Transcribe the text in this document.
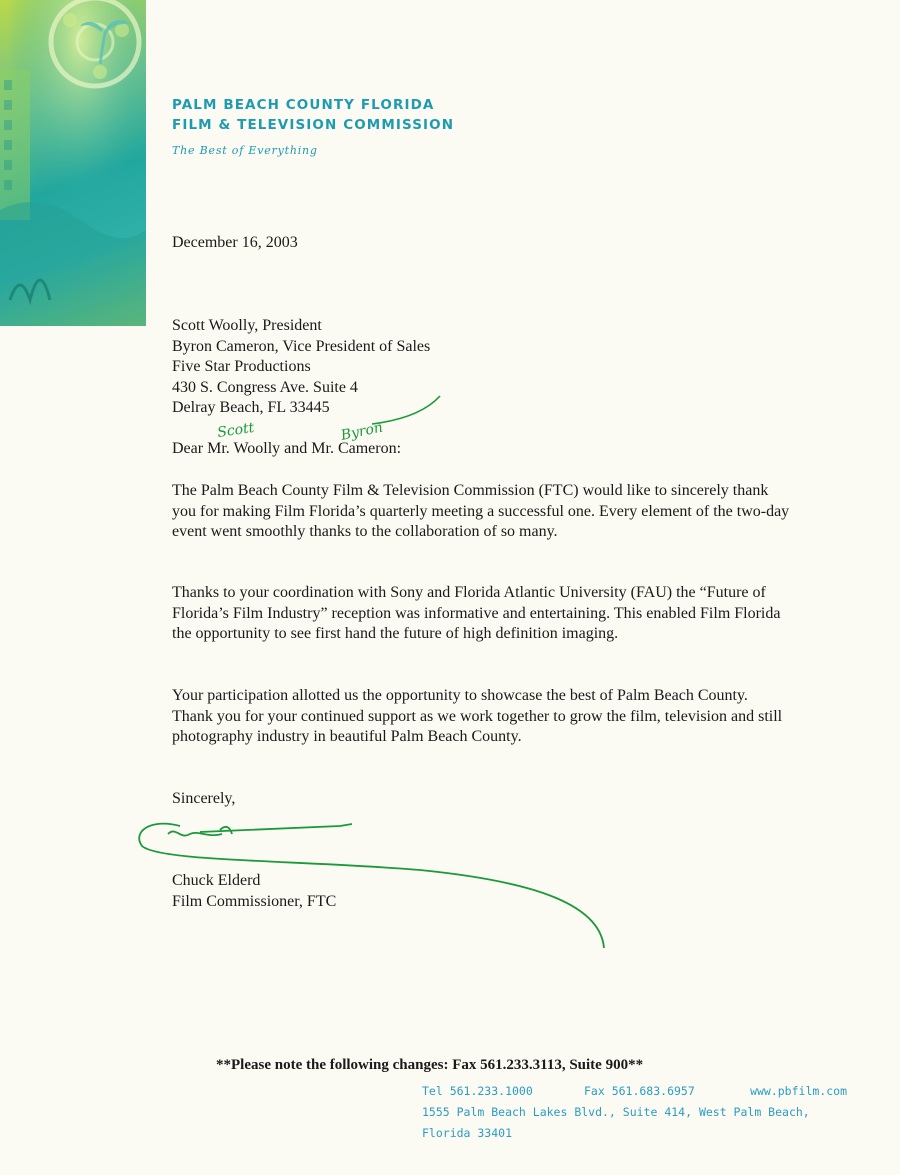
PALM BEACH COUNTY FLORIDA
FILM & TELEVISION COMMISSION
The Best of Everything
December 16, 2003
Scott Woolly, President
Byron Cameron, Vice President of Sales
Five Star Productions
430 S. Congress Ave. Suite 4
Delray Beach, FL 33445
Dear Mr. Woolly and Mr. Cameron:
The Palm Beach County Film & Television Commission (FTC) would like to sincerely thank you for making Film Florida’s quarterly meeting a successful one. Every element of the two-day event went smoothly thanks to the collaboration of so many.
Thanks to your coordination with Sony and Florida Atlantic University (FAU) the “Future of Florida’s Film Industry” reception was informative and entertaining. This enabled Film Florida the opportunity to see first hand the future of high definition imaging.
Your participation allotted us the opportunity to showcase the best of Palm Beach County. Thank you for your continued support as we work together to grow the film, television and still photography industry in beautiful Palm Beach County.
Sincerely,
Chuck Elderd
Film Commissioner, FTC
**Please note the following changes: Fax 561.233.3113, Suite 900**
Tel 561.233.1000	Fax 561.683.6957	www.pbfilm.com
1555 Palm Beach Lakes Blvd., Suite 414, West Palm Beach, Florida 33401
Scott	Byron
